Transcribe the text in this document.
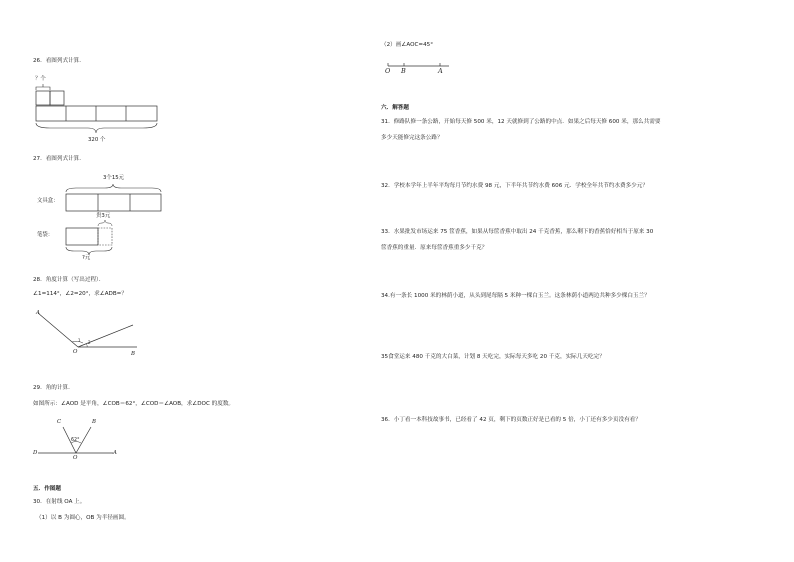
26．看图列式计算．
？个
320 个
27．看图列式计算．
3个15元
文具盒：
贵3元
笔袋：
?元
28．角度计算（写出过程）．
∠1=114°，∠2=20°，求∠ADB=？
A
O	B
1 2
29．角的计算．
如图所示：∠AOD 是平角，∠COB＝62°，∠COD＝∠AOB，求∠DOC 的度数。
C	B
D	A
O
62°
五．作图题
30．在射线 OA 上。
（1）以 B 为圆心，OB 为半径画圆。
（2）画∠AOC=45°
O B	A
六．解答题
31．修路队修一条公路，开始每天修 500 米，12 天就修到了公路的中点．如果之后每天修 600 米，那么共需要
多少天能修完这条公路？
32．学校本学年上半年平均每月节约水费 98 元，下半年共节约水费 606 元．学校全年共节约水费多少元？
33．水果批发市场运来 75 筐香蕉，如果从每筐香蕉中取出 24 千克香蕉，那么剩下的香蕉恰好相当于原来 30
筐香蕉的重量．原来每筐香蕉重多少千克？
34.有一条长 1000 米的林荫小道，从头到尾每隔 5 米种一棵白玉兰。这条林荫小道两边共种多少棵白玉兰？
35食堂运来 480 千克的大白菜，计划 8 天吃完，实际每天多吃 20 千克，实际几天吃完？
36．小丁看一本科技故事书，已经看了 42 页，剩下的页数正好是已看的 5 倍，小丁还有多少页没有看？
